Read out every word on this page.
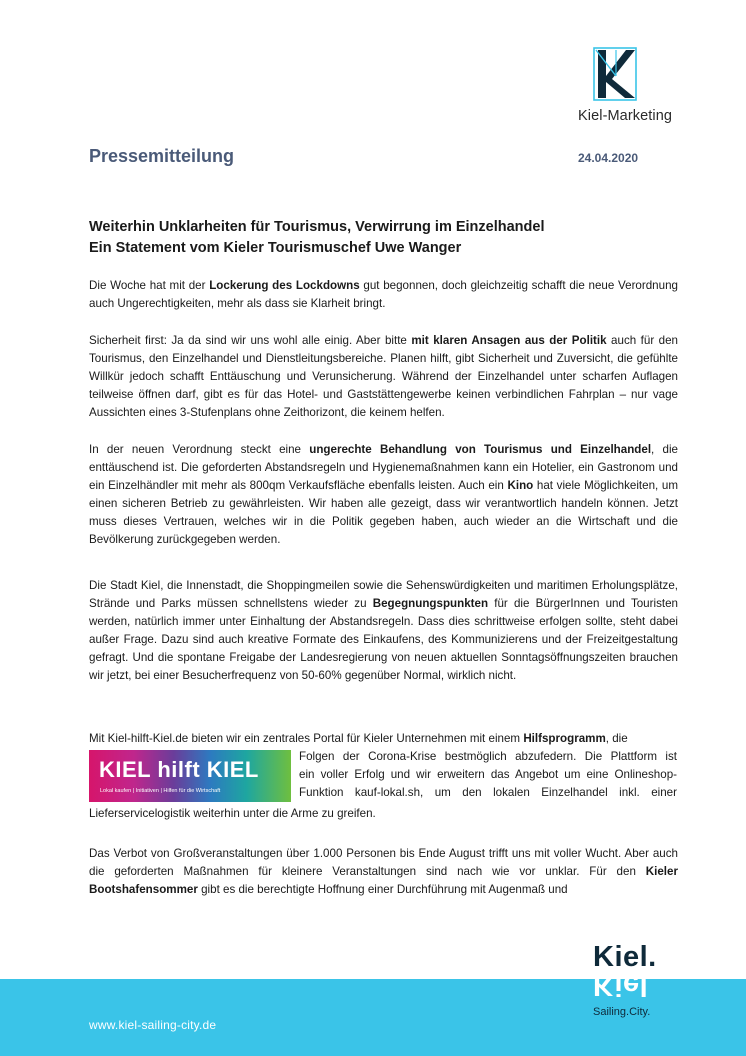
Kiel-Marketing
Pressemitteilung	24.04.2020
Weiterhin Unklarheiten für Tourismus, Verwirrung im Einzelhandel
Ein Statement vom Kieler Tourismuschef Uwe Wanger
Die Woche hat mit der Lockerung des Lockdowns gut begonnen, doch gleichzeitig schafft die neue Verordnung auch Ungerechtigkeiten, mehr als dass sie Klarheit bringt.
Sicherheit first: Ja da sind wir uns wohl alle einig. Aber bitte mit klaren Ansagen aus der Politik auch für den Tourismus, den Einzelhandel und Dienstleitungsbereiche. Planen hilft, gibt Sicherheit und Zuversicht, die gefühlte Willkür jedoch schafft Enttäuschung und Verunsicherung. Während der Einzelhandel unter scharfen Auflagen teilweise öffnen darf, gibt es für das Hotel- und Gaststättengewerbe keinen verbindlichen Fahrplan – nur vage Aussichten eines 3-Stufenplans ohne Zeithorizont, die keinem helfen.
In der neuen Verordnung steckt eine ungerechte Behandlung von Tourismus und Einzelhandel, die enttäuschend ist. Die geforderten Abstandsregeln und Hygienemaßnahmen kann ein Hotelier, ein Gastronom und ein Einzelhändler mit mehr als 800qm Verkaufsfläche ebenfalls leisten. Auch ein Kino hat viele Möglichkeiten, um einen sicheren Betrieb zu gewährleisten. Wir haben alle gezeigt, dass wir verantwortlich handeln können. Jetzt muss dieses Vertrauen, welches wir in die Politik gegeben haben, auch wieder an die Wirtschaft und die Bevölkerung zurückgegeben werden.
Die Stadt Kiel, die Innenstadt, die Shoppingmeilen sowie die Sehenswürdigkeiten und maritimen Erholungsplätze, Strände und Parks müssen schnellstens wieder zu Begegnungspunkten für die BürgerInnen und Touristen werden, natürlich immer unter Einhaltung der Abstandsregeln. Dass dies schrittweise erfolgen sollte, steht dabei außer Frage. Dazu sind auch kreative Formate des Einkaufens, des Kommunizierens und der Freizeitgestaltung gefragt. Und die spontane Freigabe der Landesregierung von neuen aktuellen Sonntagsöffnungszeiten brauchen wir jetzt, bei einer Besucherfrequenz von 50-60% gegenüber Normal, wirklich nicht.
Mit Kiel-hilft-Kiel.de bieten wir ein zentrales Portal für Kieler Unternehmen mit einem Hilfsprogramm, die
KIEL hilft KIEL
Lokal kaufen | Initiativen | Hilfen für die Wirtschaft
Folgen der Corona-Krise bestmöglich abzufedern. Die Plattform ist
ein voller Erfolg und wir erweitern das Angebot um eine Onlineshop-
Funktion kauf-lokal.sh, um den lokalen Einzelhandel inkl. einer
Lieferservicelogistik weiterhin unter die Arme zu greifen.
Das Verbot von Großveranstaltungen über 1.000 Personen bis Ende August trifft uns mit voller Wucht. Aber auch die geforderten Maßnahmen für kleinere Veranstaltungen sind nach wie vor unklar. Für den Kieler Bootshafensommer gibt es die berechtigte Hoffnung einer Durchführung mit Augenmaß und
www.kiel-sailing-city.de
Kiel.
Kiel
Sailing.City.
